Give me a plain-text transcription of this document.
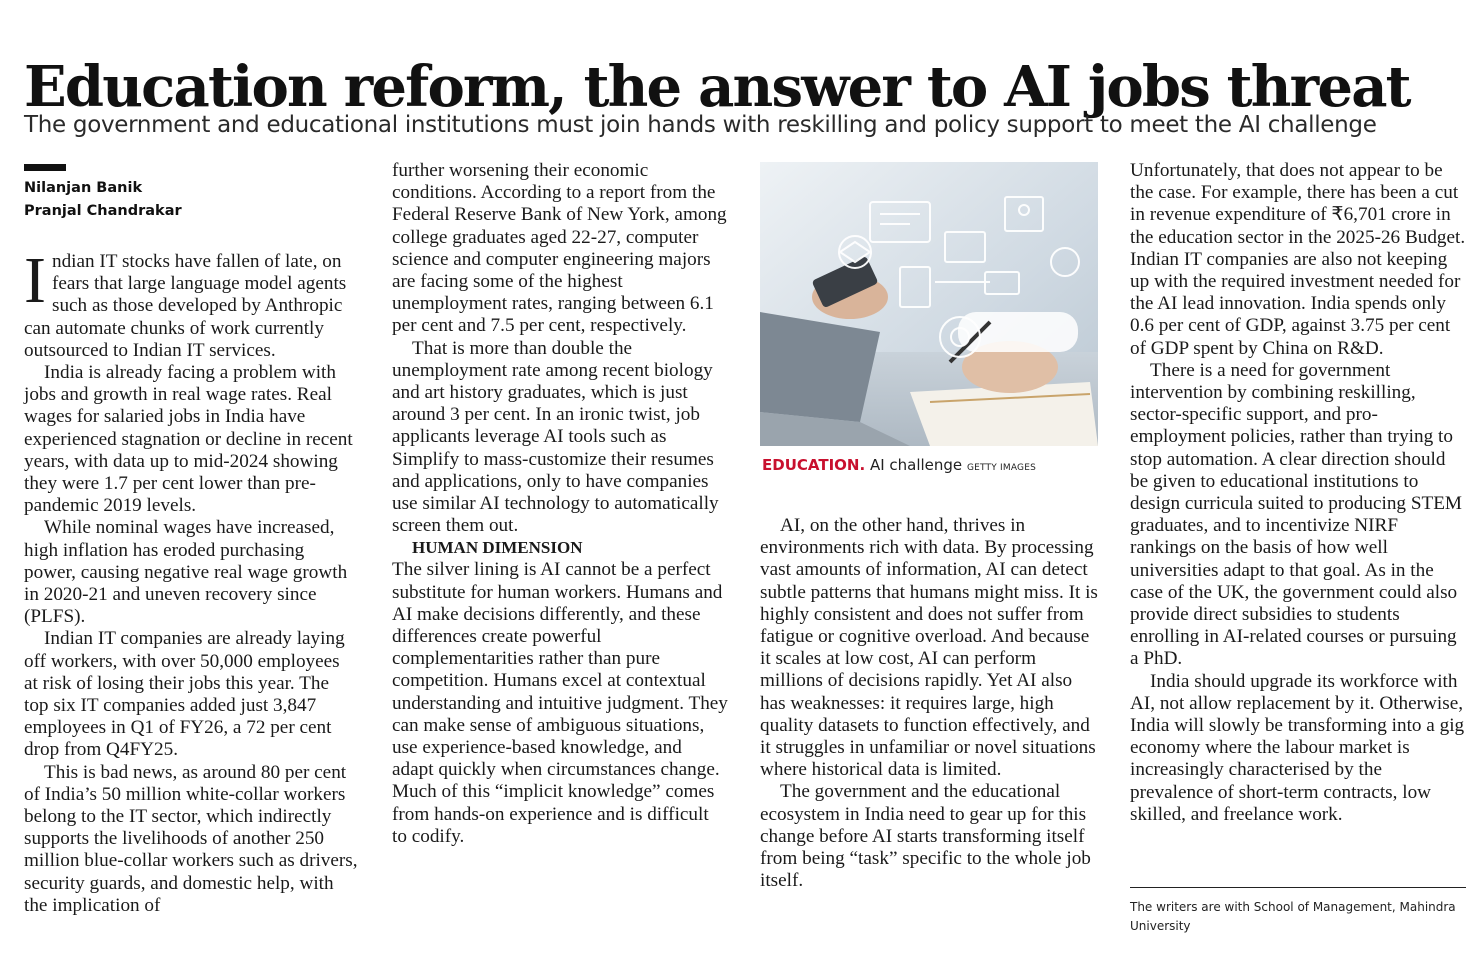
Education reform, the answer to AI jobs threat
The government and educational institutions must join hands with reskilling and policy support to meet the AI challenge
Nilanjan Banik
Pranjal Chandrakar

Indian IT stocks have fallen of late, on fears that large language model agents such as those developed by Anthropic can automate chunks of work currently outsourced to Indian IT services.

India is already facing a problem with jobs and growth in real wage rates. Real wages for salaried jobs in India have experienced stagnation or decline in recent years, with data up to mid-2024 showing they were 1.7 per cent lower than pre-pandemic 2019 levels.

While nominal wages have increased, high inflation has eroded purchasing power, causing negative real wage growth in 2020-21 and uneven recovery since (PLFS).

Indian IT companies are already laying off workers, with over 50,000 employees at risk of losing their jobs this year. The top six IT companies added just 3,847 employees in Q1 of FY26, a 72 per cent drop from Q4FY25.

This is bad news, as around 80 per cent of India’s 50 million white-collar workers belong to the IT sector, which indirectly supports the livelihoods of another 250 million blue-collar workers such as drivers, security guards, and domestic help, with the implication of

further worsening their economic conditions. According to a report from the Federal Reserve Bank of New York, among college graduates aged 22-27, computer science and computer engineering majors are facing some of the highest unemployment rates, ranging between 6.1 per cent and 7.5 per cent, respectively.

That is more than double the unemployment rate among recent biology and art history graduates, which is just around 3 per cent. In an ironic twist, job applicants leverage AI tools such as Simplify to mass-customize their resumes and applications, only to have companies use similar AI technology to automatically screen them out.

HUMAN DIMENSION

The silver lining is AI cannot be a perfect substitute for human workers. Humans and AI make decisions differently, and these differences create powerful complementarities rather than pure competition. Humans excel at contextual understanding and intuitive judgment. They can make sense of ambiguous situations, use experience-based knowledge, and adapt quickly when circumstances change. Much of this “implicit knowledge” comes from hands-on experience and is difficult to codify.

EDUCATION. AI challenge GETTY IMAGES

AI, on the other hand, thrives in environments rich with data. By processing vast amounts of information, AI can detect subtle patterns that humans might miss. It is highly consistent and does not suffer from fatigue or cognitive overload. And because it scales at low cost, AI can perform millions of decisions rapidly. Yet AI also has weaknesses: it requires large, high quality datasets to function effectively, and it struggles in unfamiliar or novel situations where historical data is limited.

The government and the educational ecosystem in India need to gear up for this change before AI starts transforming itself from being “task” specific to the whole job itself.

Unfortunately, that does not appear to be the case. For example, there has been a cut in revenue expenditure of ₹6,701 crore in the education sector in the 2025-26 Budget. Indian IT companies are also not keeping up with the required investment needed for the AI lead innovation. India spends only 0.6 per cent of GDP, against 3.75 per cent of GDP spent by China on R&D.

There is a need for government intervention by combining reskilling, sector-specific support, and pro-employment policies, rather than trying to stop automation. A clear direction should be given to educational institutions to design curricula suited to producing STEM graduates, and to incentivize NIRF rankings on the basis of how well universities adapt to that goal. As in the case of the UK, the government could also provide direct subsidies to students enrolling in AI-related courses or pursuing a PhD.

India should upgrade its workforce with AI, not allow replacement by it. Otherwise, India will slowly be transforming into a gig economy where the labour market is increasingly characterised by the prevalence of short-term contracts, low skilled, and freelance work.

The writers are with School of Management, Mahindra University
